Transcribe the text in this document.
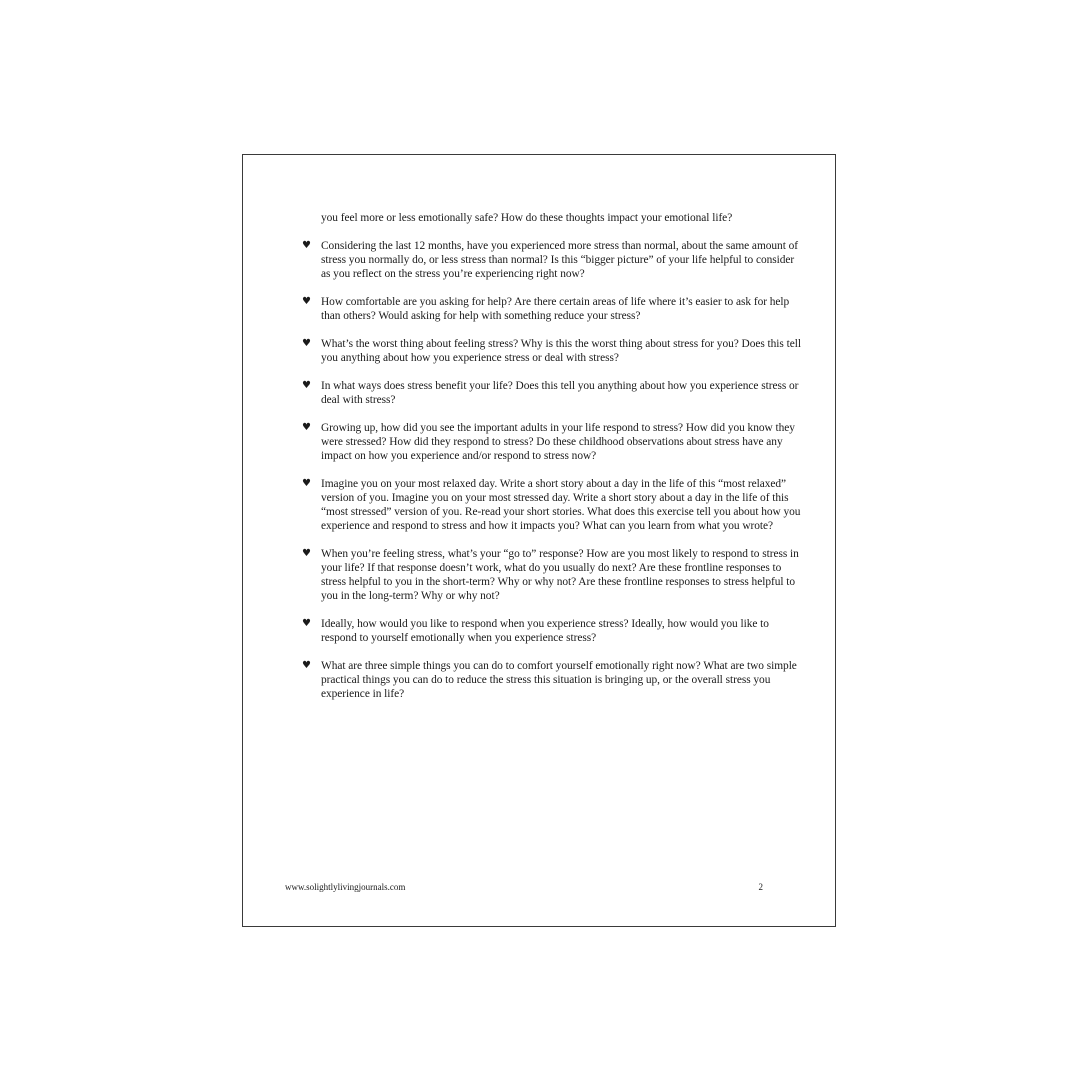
you feel more or less emotionally safe? How do these thoughts impact your emotional life?

♥ Considering the last 12 months, have you experienced more stress than normal, about the same amount of stress you normally do, or less stress than normal? Is this “bigger picture” of your life helpful to consider as you reflect on the stress you’re experiencing right now?
♥ How comfortable are you asking for help? Are there certain areas of life where it’s easier to ask for help than others? Would asking for help with something reduce your stress?
♥ What’s the worst thing about feeling stress? Why is this the worst thing about stress for you? Does this tell you anything about how you experience stress or deal with stress?
♥ In what ways does stress benefit your life? Does this tell you anything about how you experience stress or deal with stress?
♥ Growing up, how did you see the important adults in your life respond to stress? How did you know they were stressed? How did they respond to stress? Do these childhood observations about stress have any impact on how you experience and/or respond to stress now?
♥ Imagine you on your most relaxed day. Write a short story about a day in the life of this “most relaxed” version of you. Imagine you on your most stressed day. Write a short story about a day in the life of this “most stressed” version of you. Re-read your short stories. What does this exercise tell you about how you experience and respond to stress and how it impacts you? What can you learn from what you wrote?
♥ When you’re feeling stress, what’s your “go to” response? How are you most likely to respond to stress in your life? If that response doesn’t work, what do you usually do next? Are these frontline responses to stress helpful to you in the short-term? Why or why not? Are these frontline responses to stress helpful to you in the long-term? Why or why not?
♥ Ideally, how would you like to respond when you experience stress? Ideally, how would you like to respond to yourself emotionally when you experience stress?
♥ What are three simple things you can do to comfort yourself emotionally right now? What are two simple practical things you can do to reduce the stress this situation is bringing up, or the overall stress you experience in life?
www.solightlylivingjournals.com	2
